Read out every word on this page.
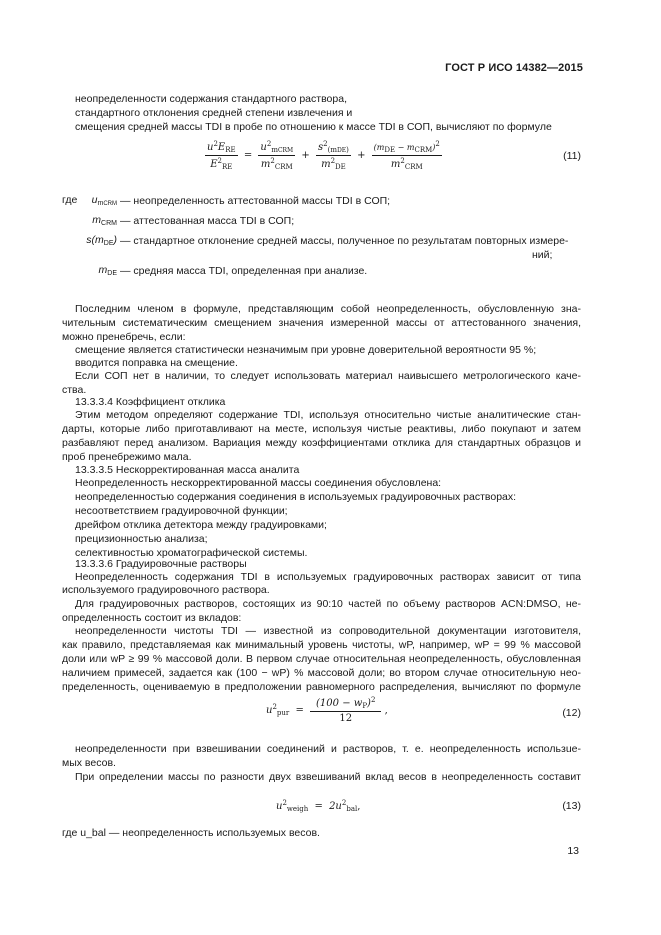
ГОСТ Р ИСО 14382—2015
неопределенности содержания стандартного раствора,
стандартного отклонения средней степени извлечения и
смещения средней массы TDI в пробе по отношению к массе TDI в СОП, вычисляют по формуле
$\frac{u^2E_{RE}}{E^2_{RE}} = \frac{u^2_{mCRM}}{m^2_{CRM}} + \frac{s^2_{(mDE)}}{m^2_{DE}} + \frac{\text{(mDE − mCRM)2}}{m^2_{CRM}}$	(11)
где	$u_{mCRM}$ — неопределенность аттестованной массы TDI в СОП;
$m_{CRM}$ — аттестованная масса TDI в СОП;
$s(m_{DE})$ — стандартное отклонение средней массы, полученное по результатам повторных измере-
ний;
$m_{DE}$ — средняя масса TDI, определенная при анализе.
Последним членом в формуле, представляющим собой неопределенность, обусловленную зна-
чительным систематическим смещением значения измеренной массы от аттестованного значения,
можно пренебречь, если:
смещение является статистически незначимым при уровне доверительной вероятности 95 %;
вводится поправка на смещение.
Если СОП нет в наличии, то следует использовать материал наивысшего метрологического каче-
ства.
13.3.3.4 Коэффициент отклика
Этим методом определяют содержание TDI, используя относительно чистые аналитические стан-
дарты, которые либо приготавливают на месте, используя чистые реактивы, либо покупают и затем
разбавляют перед анализом. Вариация между коэффициентами отклика для стандартных образцов и
проб пренебрежимо мала.
13.3.3.5 Нескорректированная масса аналита
Неопределенность нескорректированной массы соединения обусловлена:
неопределенностью содержания соединения в используемых градуировочных растворах:
несоответствием градуировочной функции;
дрейфом отклика детектора между градуировками;
прецизионностью анализа;
селективностью хроматографической системы.
13.3.3.6 Градуировочные растворы
Неопределенность содержания TDI в используемых градуировочных растворах зависит от типа
используемого градуировочного раствора.
Для градуировочных растворов, состоящих из 90:10 частей по объему растворов ACN:DMSO, не-
определенность состоит из вкладов:
неопределенности чистоты TDI — известной из сопроводительной документации изготовителя,
как правило, представляемая как минимальный уровень чистоты, wP, например, wP = 99 % массовой
доли или wP ≥ 99 % массовой доли. В первом случае относительная неопределенность, обусловленная
наличием примесей, задается как (100 − wP) % массовой доли; во втором случае относительную нео-
пределенность, оцениваемую в предположении равномерного распределения, вычисляют по формуле
$u^2_{pur} = \frac{(100 - w_P)^2}{12}$ ,	(12)
неопределенности при взвешивании соединений и растворов, т. е. неопределенность использue-
мых весов.
При определении массы по разности двух взвешиваний вклад весов в неопределенность составит
$u^2_{weigh} = 2u^2_{bal}$,	(13)
где u_bal — неопределенность используемых весов.
13
